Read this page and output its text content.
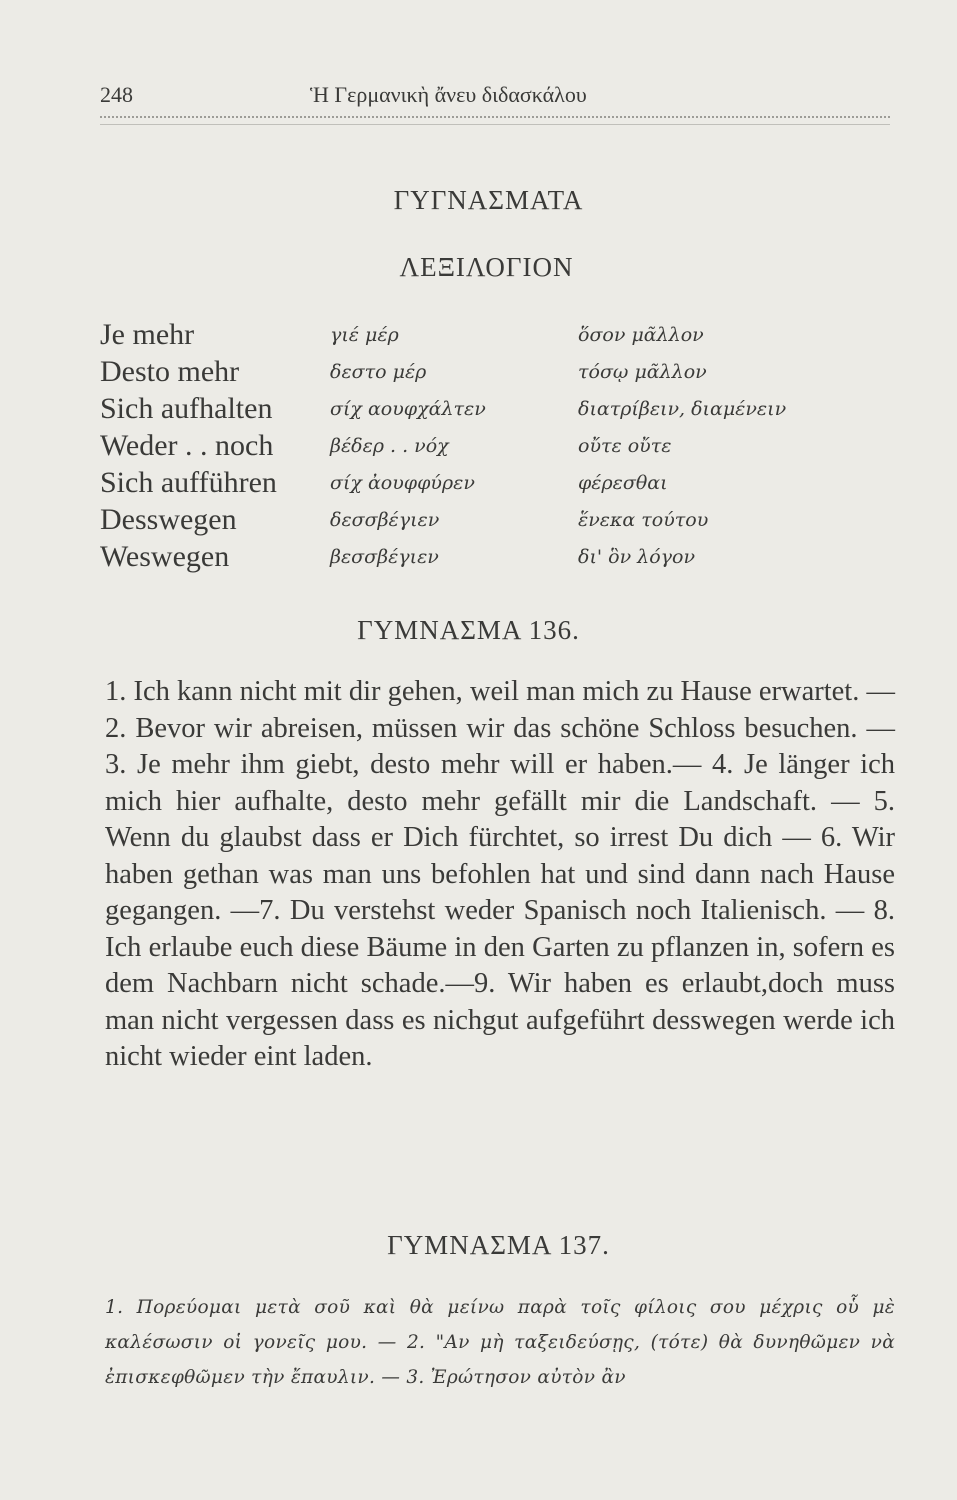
248	Ἡ Γερμανικὴ ἄνευ διδασκάλου
ΓΥΓΝΑΣΜΑΤΑ
ΛΕΞΙΛΟΓΙΟΝ
Je mehr	γιέ μέρ	ὅσον μᾶλλον
Desto mehr	δεστο μέρ	τόσῳ μᾶλλον
Sich aufhalten	σίχ αουφχάλτεν	διατρίβειν, διαμένειν
Weder . . noch	βέδερ . . νόχ	οὔτε οὔτε
Sich aufführen	σίχ ἀουφφύρεν	φέρεσθαι
Desswegen	δεσσβέγιεν	ἕνεκα τούτου
Weswegen	βεσσβέγιεν	δι' ὃν λόγον
ΓΥΜΝΑΣΜΑ 136.

1. Ich kann nicht mit dir gehen, weil man mich zu Hause erwartet. — 2. Bevor wir abreisen, müssen wir das schöne Schloss besuchen. — 3. Je mehr ihm giebt, desto mehr will er haben.— 4. Je länger ich mich hier aufhalte, desto mehr gefällt mir die Landschaft. — 5. Wenn du glaubst dass er Dich fürchtet, so irrest Du dich — 6. Wir haben gethan was man uns befohlen hat und sind dann nach Hause gegangen. —7. Du verstehst weder Spanisch noch Italienisch. — 8. Ich erlaube euch diese Bäume in den Garten zu pflanzen in, sofern es dem Nachbarn nicht schade.—9. Wir haben es erlaubt,doch muss man nicht vergessen dass es nichgut aufgeführt desswegen werde ich nicht wieder eint laden.

ΓΥΜΝΑΣΜΑ 137.

1. Πορεύομαι μετὰ σοῦ καὶ θὰ μείνω παρὰ τοῖς φίλοις σου μέχρις οὗ μὲ καλέσωσιν οἱ γονεῖς μου. — 2. "Αν μὴ ταξειδεύσῃς, (τότε) θὰ δυνηθῶμεν νὰ ἐπισκεφθῶμεν τὴν ἔπαυλιν. — 3. Ἐρώτησον αὐτὸν ἂν
